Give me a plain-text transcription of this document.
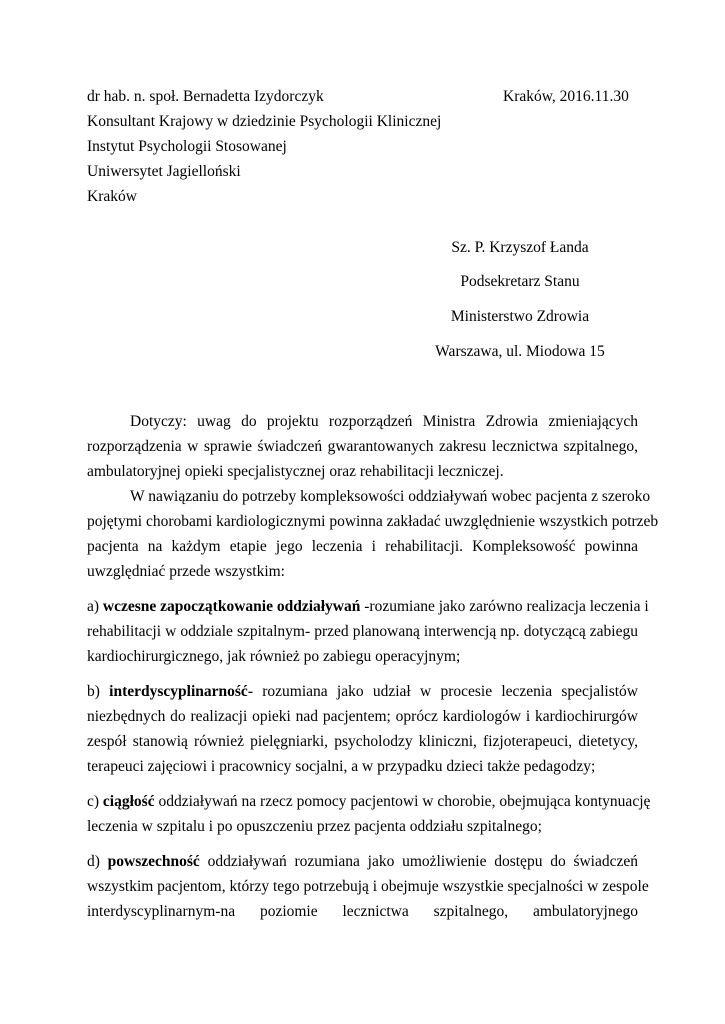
dr hab. n. społ. Bernadetta Izydorczyk	Kraków, 2016.11.30
Konsultant Krajowy w dziedzinie Psychologii Klinicznej
Instytut Psychologii Stosowanej
Uniwersytet Jagielloński
Kraków
Sz. P. Krzyszof Łanda
Podsekretarz Stanu
Ministerstwo Zdrowia
Warszawa, ul. Miodowa 15
Dotyczy: uwag do projektu rozporządzeń Ministra Zdrowia zmieniających
rozporządzenia w sprawie świadczeń gwarantowanych zakresu lecznictwa szpitalnego,
ambulatoryjnej opieki specjalistycznej oraz rehabilitacji leczniczej.
W nawiązaniu do potrzeby kompleksowości oddziaływań wobec pacjenta z szeroko
pojętymi chorobami kardiologicznymi powinna zakładać uwzględnienie wszystkich potrzeb
pacjenta na każdym etapie jego leczenia i rehabilitacji. Kompleksowość powinna
uwzględniać przede wszystkim:
a) wczesne zapoczątkowanie oddziaływań -rozumiane jako zarówno realizacja leczenia i
rehabilitacji w oddziale szpitalnym- przed planowaną interwencją np. dotyczącą zabiegu
kardiochirurgicznego, jak również po zabiegu operacyjnym;
b) interdyscyplinarność- rozumiana jako udział w procesie leczenia specjalistów
niezbędnych do realizacji opieki nad pacjentem; oprócz kardiologów i kardiochirurgów
zespół stanowią również pielęgniarki, psycholodzy kliniczni, fizjoterapeuci, dietetycy,
terapeuci zajęciowi i pracownicy socjalni, a w przypadku dzieci także pedagodzy;
c) ciągłość oddziaływań na rzecz pomocy pacjentowi w chorobie, obejmująca kontynuację
leczenia w szpitalu i po opuszczeniu przez pacjenta oddziału szpitalnego;
d) powszechność oddziaływań rozumiana jako umożliwienie dostępu do świadczeń
wszystkim pacjentom, którzy tego potrzebują i obejmuje wszystkie specjalności w zespole
interdyscyplinarnym-na poziomie lecznictwa szpitalnego, ambulatoryjnego
